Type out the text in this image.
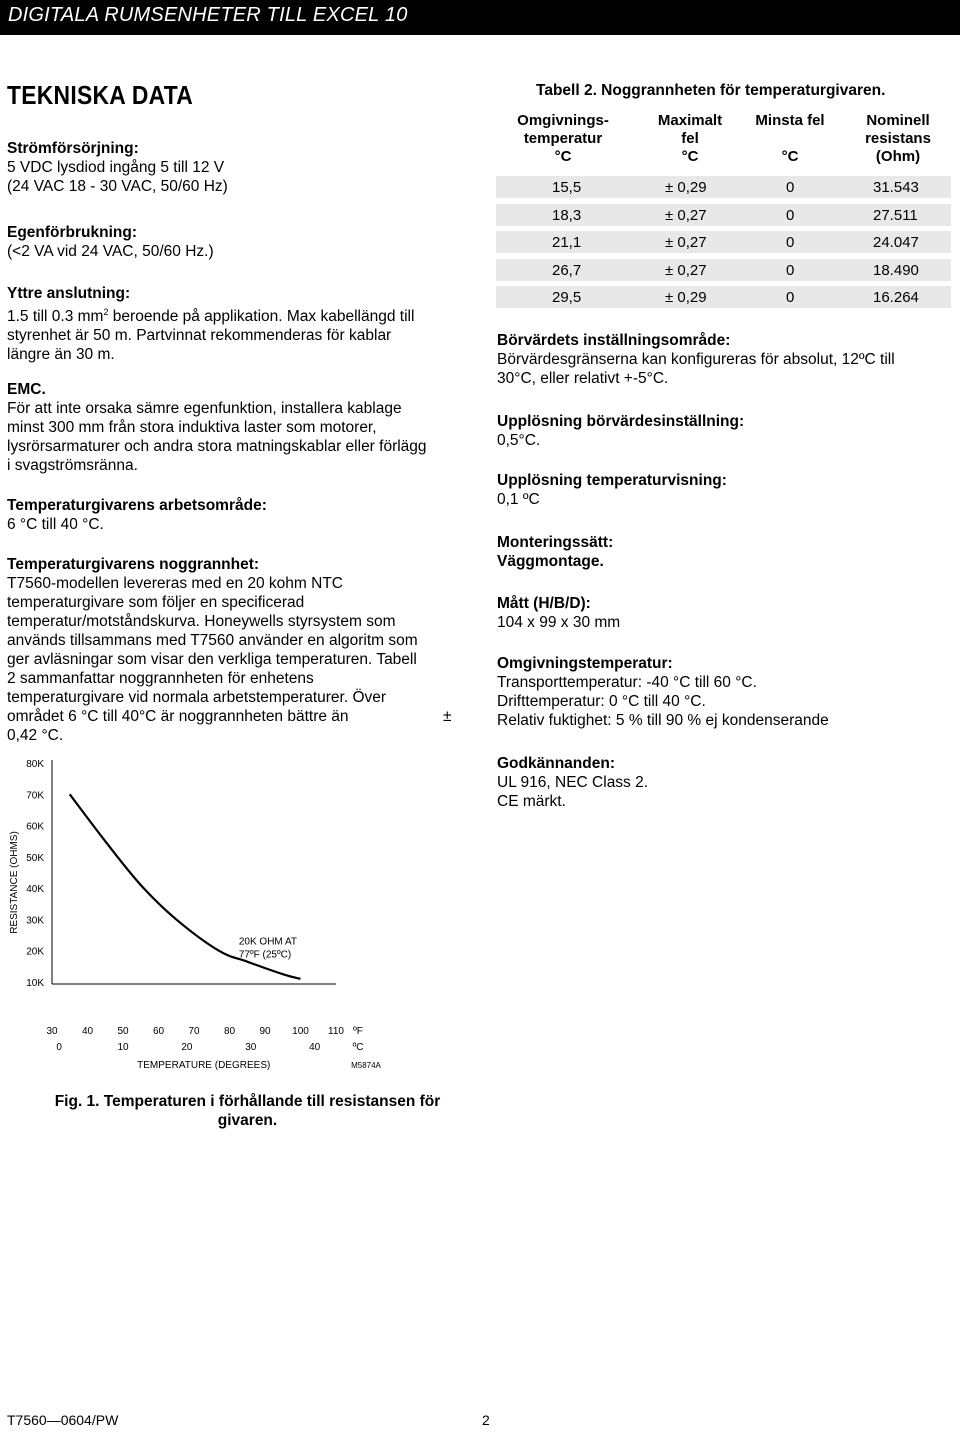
DIGITALA RUMSENHETER TILL EXCEL 10
TEKNISKA DATA
Strömförsörjning:
5 VDC lysdiod ingång 5 till 12 V
(24 VAC 18 - 30 VAC, 50/60 Hz)
Egenförbrukning:
(<2 VA vid 24 VAC, 50/60 Hz.)
Yttre anslutning:
1.5 till 0.3 $mm^2$ beroende på applikation. Max kabellängd till
styrenhet är 50 m. Partvinnat rekommenderas för kablar
längre än 30 m.
EMC.
För att inte orsaka sämre egenfunktion, installera kablage
minst 300 mm från stora induktiva laster som motorer,
lysrörsarmaturer och andra stora matningskablar eller förlägg
i svagströmsränna.
Temperaturgivarens arbetsområde:
6 °C till 40 °C.
Temperaturgivarens noggrannhet:
T7560-modellen levereras med en 20 kohm NTC
temperaturgivare som följer en specificerad
temperatur/motståndskurva. Honeywells styrsystem som
används tillsammans med T7560 använder en algoritm som
ger avläsningar som visar den verkliga temperaturen. Tabell
2 sammanfattar noggrannheten för enhetens
temperaturgivare vid normala arbetstemperaturer. Över
området 6 °C till 40°C är noggrannheten bättre än	±
0,42 °C.
80K
70K
60K
50K
40K
30K
20K
10K
RESISTANCE (OHMS)
30 40 50 60 70 80 90 100 110 ºF
0	10	20	30	40	ºC
TEMPERATURE (DEGREES)	M5874A
20K OHM AT
77ºF (25ºC)
Fig. 1. Temperaturen i förhållande till resistansen för
givaren.
Tabell 2. Noggrannheten för temperaturgivaren.
Omgivnings-
temperatur
°C
Maximalt
fel
°C
Minsta fel

°C
Nominell
resistans
(Ohm)
15,5	± 0,29	0	31.543
18,3	± 0,27	0	27.511
21,1	± 0,27	0	24.047
26,7	± 0,27	0	18.490
29,5	± 0,29	0	16.264
Börvärdets inställningsområde:
Börvärdesgränserna kan konfigureras för absolut, 12ºC till
30°C, eller relativt +-5°C.
Upplösning börvärdesinställning:
0,5°C.
Upplösning temperaturvisning:
0,1 ºC
Monteringssätt:
Väggmontage.
Mått (H/B/D):
104 x 99 x 30 mm
Omgivningstemperatur:
Transporttemperatur: -40 °C till 60 °C.
Drifttemperatur: 0 °C till 40 °C.
Relativ fuktighet: 5 % till 90 % ej kondenserande
Godkännanden:
UL 916, NEC Class 2.
CE märkt.
T7560—0604/PW	2
